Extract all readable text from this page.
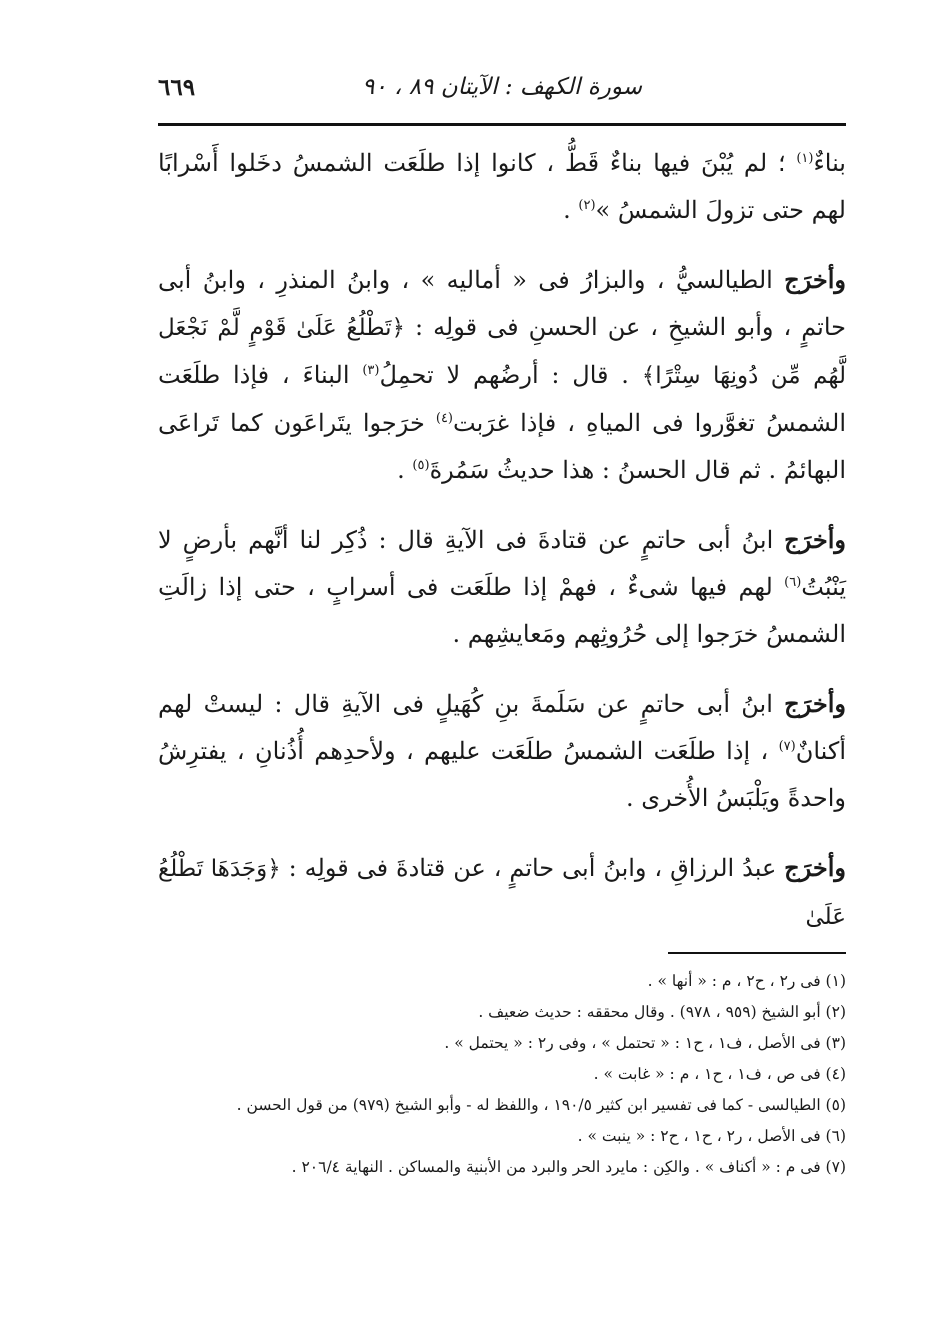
سورة الكهف : الآيتان ٨٩ ، ٩٠
٦٦٩

بناءٌ$^{(١)}$ ؛ لم يُبْنَ فيها بناءٌ قَطُّ ، كانوا إذا طلَعَت الشمسُ دخَلوا أَسْرابًا لهم حتى تزولَ الشمسُ »$^{(٢)}$ .

وأخرَج الطيالسيُّ ، والبزارُ فى « أماليه » ، وابنُ المنذرِ ، وابنُ أبى حاتمٍ ، وأبو الشيخِ ، عن الحسنِ فى قولِه : ﴿تَطْلُعُ عَلَىٰ قَوْمٍ لَّمْ نَجْعَل لَّهُم مِّن دُونِهَا سِتْرًا﴾ . قال : أرضُهم لا تحمِلُ$^{(٣)}$ البناءَ ، فإذا طلَعَت الشمسُ تغوَّروا فى المياهِ ، فإذا غرَبت$^{(٤)}$ خرَجوا يتَراعَون كما تَراعَى البهائمُ . ثم قال الحسنُ : هذا حديثُ سَمُرةَ$^{(٥)}$ .

وأخرَج ابنُ أبى حاتمٍ عن قتادةَ فى الآيةِ قال : ذُكِر لنا أنَّهم بأرضٍ لا يَنْبُتُ$^{(٦)}$ لهم فيها شىءٌ ، فهمْ إذا طلَعَت فى أسرابٍ ، حتى إذا زالَتِ الشمسُ خرَجوا إلى حُرُوثِهم ومَعايشِهم .

وأخرَج ابنُ أبى حاتمٍ عن سَلَمةَ بنِ كُهَيلٍ فى الآيةِ قال : ليستْ لهم أكنانٌ$^{(٧)}$ ، إذا طلَعَت الشمسُ طلَعَت عليهم ، ولأحدِهم أُذُنانِ ، يفترِشُ واحدةً ويَلْبَسُ الأُخرى .

وأخرَج عبدُ الرزاقِ ، وابنُ أبى حاتمٍ ، عن قتادةَ فى قولِه : ﴿وَجَدَهَا تَطْلُعُ عَلَىٰ

(١) فى ر٢ ، ح٢ ، م : « أنها » .
(٢) أبو الشيخ (٩٥٩ ، ٩٧٨) . وقال محققه : حديث ضعيف .
(٣) فى الأصل ، ف١ ، ح١ : « تحتمل » ، وفى ر٢ : « يحتمل » .
(٤) فى ص ، ف١ ، ح١ ، م : « غابت » .
(٥) الطيالسى - كما فى تفسير ابن كثير ١٩٠/٥ ، واللفظ له - وأبو الشيخ (٩٧٩) من قول الحسن .
(٦) فى الأصل ، ر٢ ، ح١ ، ح٢ : « ينبت » .
(٧) فى م : « أكناف » . والكِن : مايرد الحر والبرد من الأبنية والمساكن . النهاية ٢٠٦/٤ .
